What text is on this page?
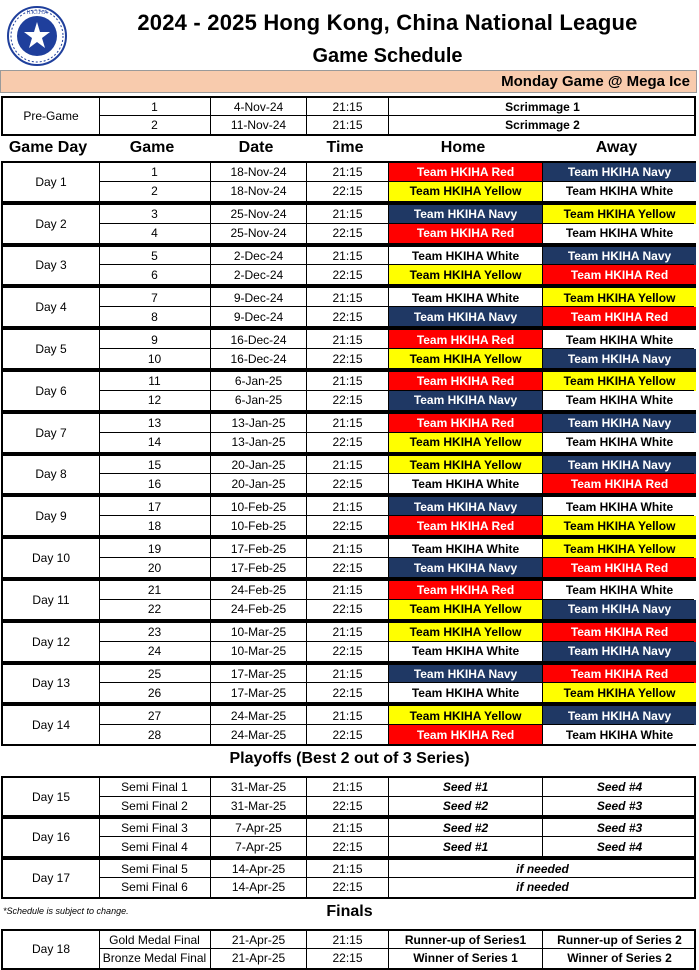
H.K.I.H.A	2024 - 2025 Hong Kong, China National League
Game Schedule
Monday Game @ Mega Ice
Pre-Game
1	4-Nov-24	21:15	Scrimmage 1
2	11-Nov-24	21:15	Scrimmage 2
Game Day	Game	Date	Time	Home	Away
Day 1
1	18-Nov-24	21:15	Team HKIHA Red	Team HKIHA Navy
2	18-Nov-24	22:15	Team HKIHA Yellow	Team HKIHA White
Day 2
3	25-Nov-24	21:15	Team HKIHA Navy	Team HKIHA Yellow
4	25-Nov-24	22:15	Team HKIHA Red	Team HKIHA White
Day 3
5	2-Dec-24	21:15	Team HKIHA White	Team HKIHA Navy
6	2-Dec-24	22:15	Team HKIHA Yellow	Team HKIHA Red
Day 4
7	9-Dec-24	21:15	Team HKIHA White	Team HKIHA Yellow
8	9-Dec-24	22:15	Team HKIHA Navy	Team HKIHA Red
Day 5
9	16-Dec-24	21:15	Team HKIHA Red	Team HKIHA White
10	16-Dec-24	22:15	Team HKIHA Yellow	Team HKIHA Navy
Day 6
11	6-Jan-25	21:15	Team HKIHA Red	Team HKIHA Yellow
12	6-Jan-25	22:15	Team HKIHA Navy	Team HKIHA White
Day 7
13	13-Jan-25	21:15	Team HKIHA Red	Team HKIHA Navy
14	13-Jan-25	22:15	Team HKIHA Yellow	Team HKIHA White
Day 8
15	20-Jan-25	21:15	Team HKIHA Yellow	Team HKIHA Navy
16	20-Jan-25	22:15	Team HKIHA White	Team HKIHA Red
Day 9
17	10-Feb-25	21:15	Team HKIHA Navy	Team HKIHA White
18	10-Feb-25	22:15	Team HKIHA Red	Team HKIHA Yellow
Day 10
19	17-Feb-25	21:15	Team HKIHA White	Team HKIHA Yellow
20	17-Feb-25	22:15	Team HKIHA Navy	Team HKIHA Red
Day 11
21	24-Feb-25	21:15	Team HKIHA Red	Team HKIHA White
22	24-Feb-25	22:15	Team HKIHA Yellow	Team HKIHA Navy
Day 12
23	10-Mar-25	21:15	Team HKIHA Yellow	Team HKIHA Red
24	10-Mar-25	22:15	Team HKIHA White	Team HKIHA Navy
Day 13
25	17-Mar-25	21:15	Team HKIHA Navy	Team HKIHA Red
26	17-Mar-25	22:15	Team HKIHA White	Team HKIHA Yellow
Day 14
27	24-Mar-25	21:15	Team HKIHA Yellow	Team HKIHA Navy
28	24-Mar-25	22:15	Team HKIHA Red	Team HKIHA White
Playoffs (Best 2 out of 3 Series)
Day 15
Semi Final 1	31-Mar-25	21:15	Seed #1	Seed #4
Semi Final 2	31-Mar-25	22:15	Seed #2	Seed #3
Day 16
Semi Final 3	7-Apr-25	21:15	Seed #2	Seed #3
Semi Final 4	7-Apr-25	22:15	Seed #1	Seed #4
Day 17
Semi Final 5	14-Apr-25	21:15	if needed
Semi Final 6	14-Apr-25	22:15	if needed
Finals
Day 18
Gold Medal Final	21-Apr-25	21:15	Runner-up of Series1	Runner-up of Series 2
Bronze Medal Final	21-Apr-25	22:15	Winner of Series 1	Winner of Series 2
*Schedule is subject to change.
